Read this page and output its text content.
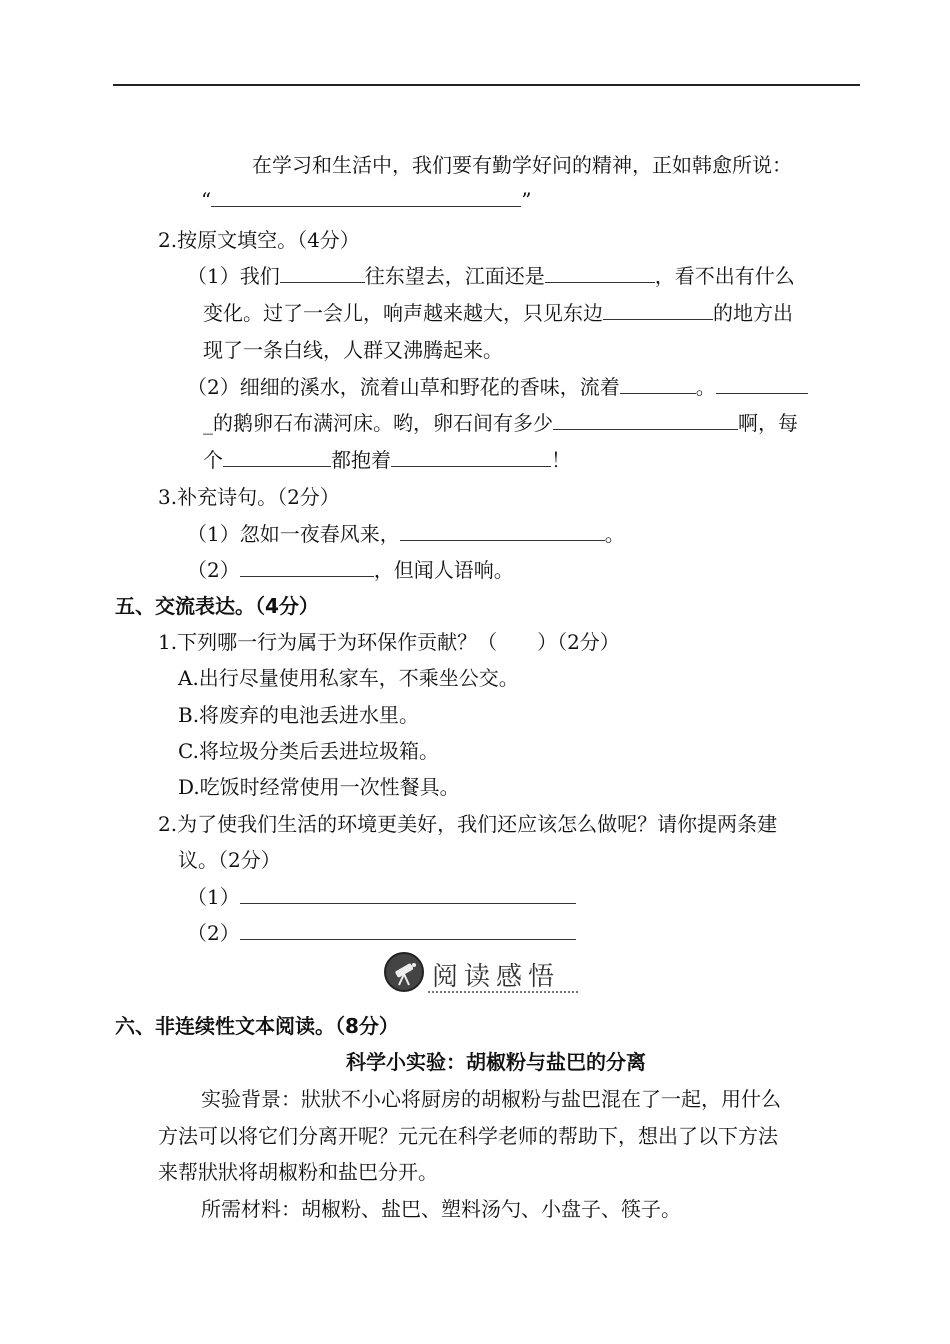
在学习和生活中，我们要有勤学好问的精神，正如韩愈所说：
“	”
2.按原文填空。（4分）
（1）我们	往东望去，江面还是	，看不出有什么
变化。过了一会儿，响声越来越大，只见东边	的地方出
现了一条白线，人群又沸腾起来。
（2）细细的溪水，流着山草和野花的香味，流着	。
_的鹅卵石布满河床。哟，卵石间有多少	啊，每
个	都抱着	！
3.补充诗句。（2分）
（1）忽如一夜春风来，	。
（2）	，但闻人语响。
五、交流表达。（4分）
1.下列哪一行为属于为环保作贡献？（　　）（2分）
A.出行尽量使用私家车，不乘坐公交。
B.将废弃的电池丢进水里。
C.将垃圾分类后丢进垃圾箱。
D.吃饭时经常使用一次性餐具。
2.为了使我们生活的环境更美好，我们还应该怎么做呢？请你提两条建
议。（2分）
（1）
（2）
阅读感悟
六、非连续性文本阅读。（8分）
科学小实验：胡椒粉与盐巴的分离
实验背景：狀狀不小心将厨房的胡椒粉与盐巴混在了一起，用什么
方法可以将它们分离开呢？元元在科学老师的帮助下，想出了以下方法
来帮狀狀将胡椒粉和盐巴分开。
所需材料：胡椒粉、盐巴、塑料汤勺、小盘子、筷子。
